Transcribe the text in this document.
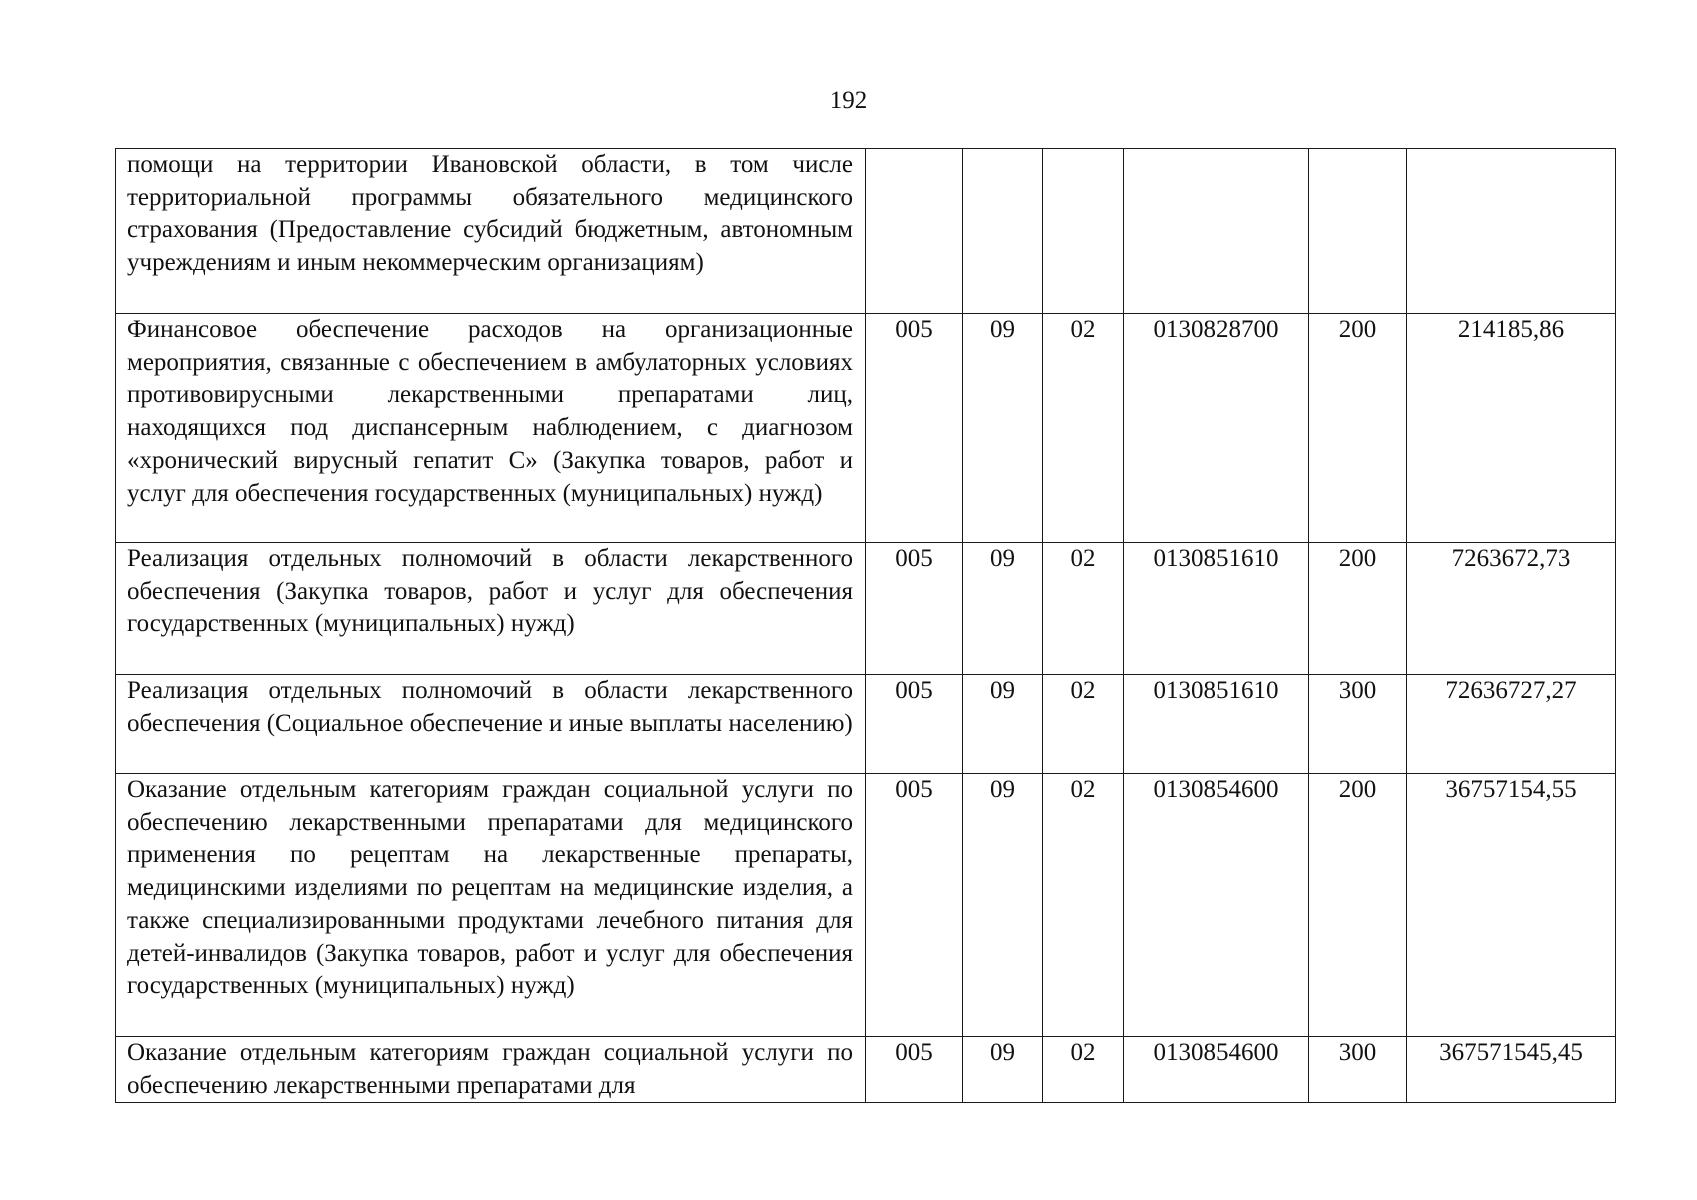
192
помощи на территории Ивановской области, в том числе территориальной программы обязательного медицинского страхования (Предоставление субсидий бюджетным, автономным учреждениям и иным некоммерческим организациям)						
Финансовое обеспечение расходов на организационные мероприятия, связанные с обеспечением в амбулаторных условиях противовирусными лекарственными препаратами лиц, находящихся под диспансерным наблюдением, с диагнозом «хронический вирусный гепатит С» (Закупка товаров, работ и услуг для обеспечения государственных (муниципальных) нужд)	005	09	02	0130828700	200	214185,86
Реализация отдельных полномочий в области лекарственного обеспечения (Закупка товаров, работ и услуг для обеспечения государственных (муниципальных) нужд)	005	09	02	0130851610	200	7263672,73
Реализация отдельных полномочий в области лекарственного обеспечения (Социальное обеспечение и иные выплаты населению)	005	09	02	0130851610	300	72636727,27
Оказание отдельным категориям граждан социальной услуги по обеспечению лекарственными препаратами для медицинского применения по рецептам на лекарственные препараты, медицинскими изделиями по рецептам на медицинские изделия, а также специализированными продуктами лечебного питания для детей-инвалидов (Закупка товаров, работ и услуг для обеспечения государственных (муниципальных) нужд)	005	09	02	0130854600	200	36757154,55
Оказание отдельным категориям граждан социальной услуги по обеспечению лекарственными препаратами для	005	09	02	0130854600	300	367571545,45
